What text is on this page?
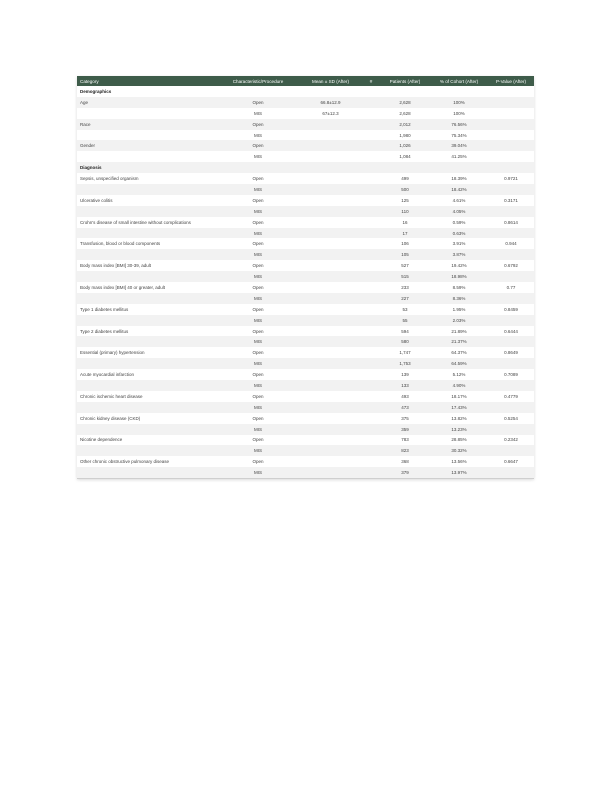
Category	Characteristic/Procedure	Mean ± SD (After)	#	Patients (After)	% of Cohort (After)	P-Value (After)
Demographics						
Age	Open	66.8±12.9		2,628	100%	
	MIS	67±12.3		2,628	100%	
Race	Open			2,012	76.56%	
	MIS			1,980	75.34%	
Gender	Open			1,026	39.04%	
	MIS			1,084	41.25%	
Diagnosis						
Sepsis, unspecified organism	Open			499	18.39%	0.9721
	MIS			500	18.42%	
Ulcerative colitis	Open			125	4.61%	0.3171
	MIS			110	4.05%	
Crohn's disease of small intestine without complications	Open			16	0.59%	0.8614
	MIS			17	0.63%	
Transfusion, blood or blood components	Open			106	3.91%	0.944
	MIS			105	3.87%	
Body mass index [BMI] 30-39, adult	Open			527	19.42%	0.6792
	MIS			515	18.98%	
Body mass index [BMI] 40 or greater, adult	Open			233	8.59%	0.77
	MIS			227	8.36%	
Type 1 diabetes mellitus	Open			53	1.95%	0.8459
	MIS			55	2.03%	
Type 2 diabetes mellitus	Open			594	21.89%	0.6444
	MIS			580	21.37%	
Essential (primary) hypertension	Open			1,747	64.37%	0.8649
	MIS			1,753	64.59%	
Acute myocardial infarction	Open			139	5.12%	0.7089
	MIS			133	4.90%	
Chronic ischemic heart disease	Open			493	18.17%	0.4779
	MIS			473	17.43%	
Chronic kidney disease (CKD)	Open			375	13.82%	0.5254
	MIS			359	13.23%	
Nicotine dependence	Open			783	28.85%	0.2342
	MIS			823	30.32%	
Other chronic obstructive pulmonary disease	Open			368	13.56%	0.6647
	MIS			379	13.97%	
